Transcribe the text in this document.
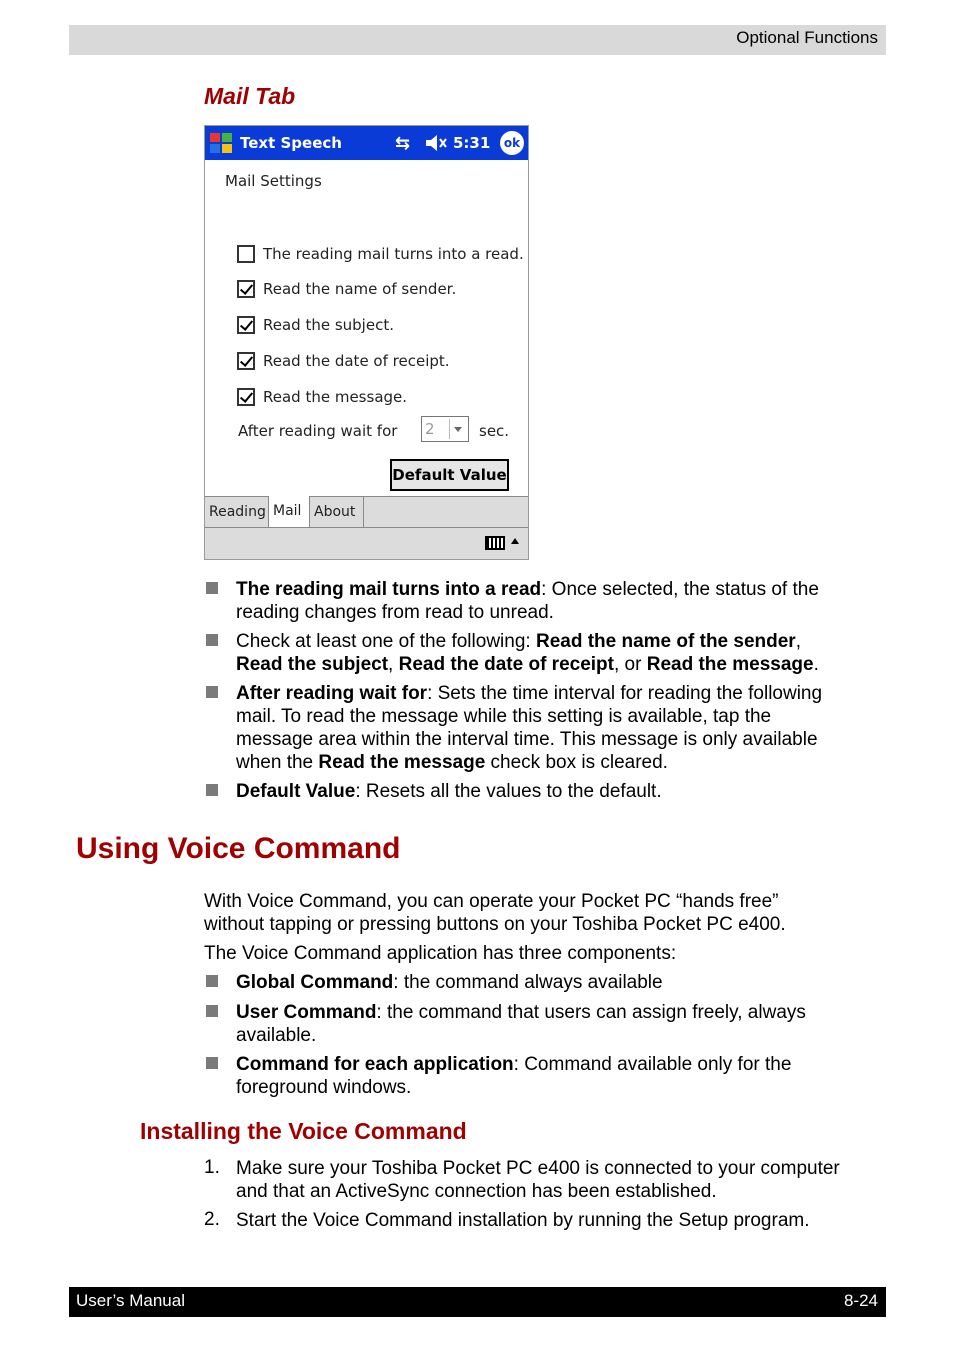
Optional Functions
Mail Tab
Text Speech	⇆	5:31	ok
Mail Settings
The reading mail turns into a read.
Read the name of sender.
Read the subject.
Read the date of receipt.
Read the message.
After reading wait for 2	sec.
Default Value
Reading Mail About
The reading mail turns into a read: Once selected, the status of the
reading changes from read to unread.
Check at least one of the following: Read the name of the sender,
Read the subject, Read the date of receipt, or Read the message.
After reading wait for: Sets the time interval for reading the following
mail. To read the message while this setting is available, tap the
message area within the interval time. This message is only available
when the Read the message check box is cleared.
Default Value: Resets all the values to the default.
Using Voice Command
With Voice Command, you can operate your Pocket PC “hands free”
without tapping or pressing buttons on your Toshiba Pocket PC e400.
The Voice Command application has three components:
Global Command: the command always available
User Command: the command that users can assign freely, always
available.
Command for each application: Command available only for the
foreground windows.
Installing the Voice Command
1. Make sure your Toshiba Pocket PC e400 is connected to your computer
and that an ActiveSync connection has been established.
2. Start the Voice Command installation by running the Setup program.
User’s Manual	8-24
